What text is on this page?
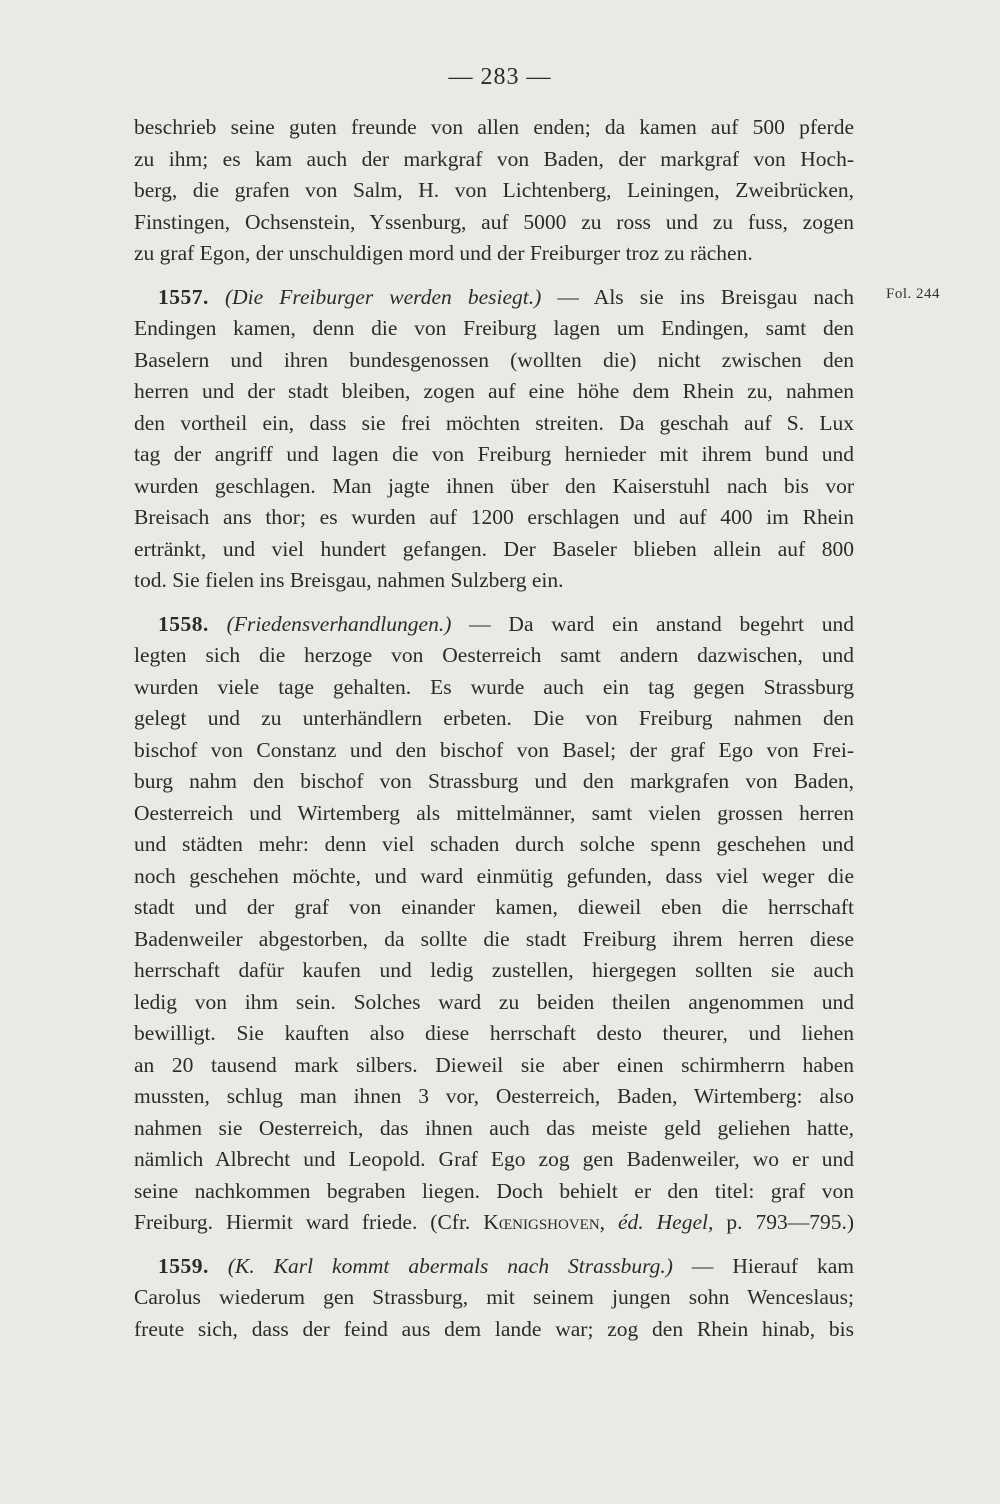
— 283 —
Fol. 244
beschrieb seine guten freunde von allen enden; da kamen auf 500 pferde
zu ihm; es kam auch der markgraf von Baden, der markgraf von Hoch-
berg, die grafen von Salm, H. von Lichtenberg, Leiningen, Zweibrücken,
Finstingen, Ochsenstein, Yssenburg, auf 5000 zu ross und zu fuss, zogen
zu graf Egon, der unschuldigen mord und der Freiburger troz zu rächen.
1557. (Die Freiburger werden besiegt.) — Als sie ins Breisgau nach
Endingen kamen, denn die von Freiburg lagen um Endingen, samt den
Baselern und ihren bundesgenossen (wollten die) nicht zwischen den
herren und der stadt bleiben, zogen auf eine höhe dem Rhein zu, nahmen
den vortheil ein, dass sie frei möchten streiten. Da geschah auf S. Lux
tag der angriff und lagen die von Freiburg hernieder mit ihrem bund und
wurden geschlagen. Man jagte ihnen über den Kaiserstuhl nach bis vor
Breisach ans thor; es wurden auf 1200 erschlagen und auf 400 im Rhein
ertränkt, und viel hundert gefangen. Der Baseler blieben allein auf 800
tod. Sie fielen ins Breisgau, nahmen Sulzberg ein.
1558. (Friedensverhandlungen.) — Da ward ein anstand begehrt und
legten sich die herzoge von Oesterreich samt andern dazwischen, und
wurden viele tage gehalten. Es wurde auch ein tag gegen Strassburg
gelegt und zu unterhändlern erbeten. Die von Freiburg nahmen den
bischof von Constanz und den bischof von Basel; der graf Ego von Frei-
burg nahm den bischof von Strassburg und den markgrafen von Baden,
Oesterreich und Wirtemberg als mittelmänner, samt vielen grossen herren
und städten mehr: denn viel schaden durch solche spenn geschehen und
noch geschehen möchte, und ward einmütig gefunden, dass viel weger die
stadt und der graf von einander kamen, dieweil eben die herrschaft
Badenweiler abgestorben, da sollte die stadt Freiburg ihrem herren diese
herrschaft dafür kaufen und ledig zustellen, hiergegen sollten sie auch
ledig von ihm sein. Solches ward zu beiden theilen angenommen und
bewilligt. Sie kauften also diese herrschaft desto theurer, und liehen
an 20 tausend mark silbers. Dieweil sie aber einen schirmherrn haben
mussten, schlug man ihnen 3 vor, Oesterreich, Baden, Wirtemberg: also
nahmen sie Oesterreich, das ihnen auch das meiste geld geliehen hatte,
nämlich Albrecht und Leopold. Graf Ego zog gen Badenweiler, wo er und
seine nachkommen begraben liegen. Doch behielt er den titel: graf von
Freiburg. Hiermit ward friede. (Cfr. Kœnigshoven, éd. Hegel, p. 793—795.)
1559. (K. Karl kommt abermals nach Strassburg.) — Hierauf kam
Carolus wiederum gen Strassburg, mit seinem jungen sohn Wenceslaus;
freute sich, dass der feind aus dem lande war; zog den Rhein hinab, bis
